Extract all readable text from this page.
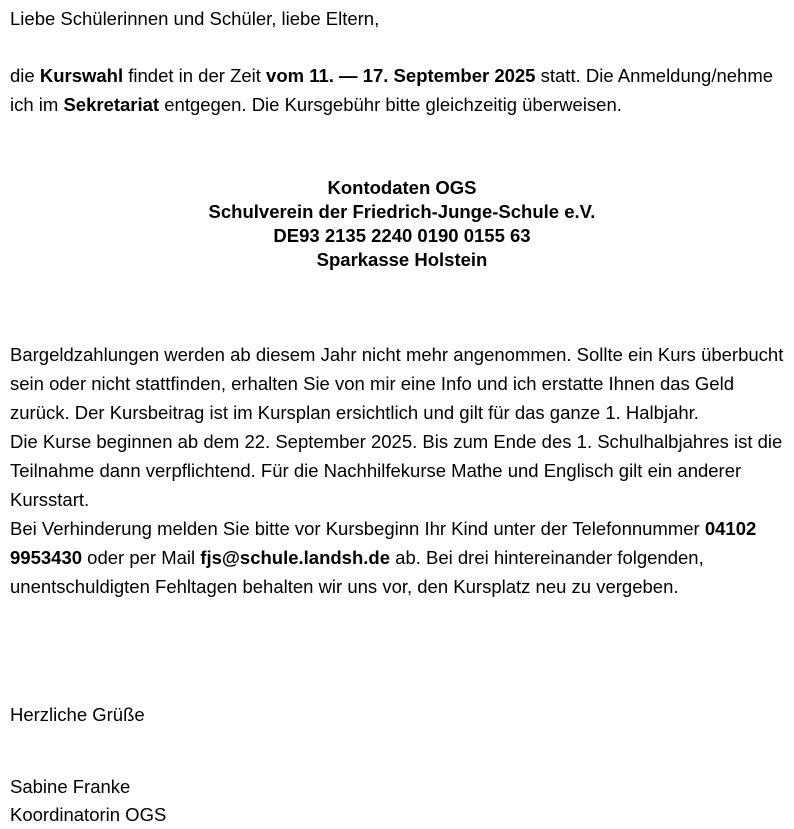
Liebe Schülerinnen und Schüler, liebe Eltern,

die Kurswahl findet in der Zeit vom 11. — 17. September 2025 statt. Die Anmeldung/nehme ich im Sekretariat entgegen. Die Kursgebühr bitte gleichzeitig überweisen.

Kontodaten OGS

Schulverein der Friedrich-Junge-Schule e.V.

DE93 2135 2240 0190 0155 63

Sparkasse Holstein

Bargeldzahlungen werden ab diesem Jahr nicht mehr angenommen. Sollte ein Kurs überbucht sein oder nicht stattfinden, erhalten Sie von mir eine Info und ich erstatte Ihnen das Geld zurück. Der Kursbeitrag ist im Kursplan ersichtlich und gilt für das ganze 1. Halbjahr.

Die Kurse beginnen ab dem 22. September 2025. Bis zum Ende des 1. Schulhalbjahres ist die Teilnahme dann verpflichtend. Für die Nachhilfekurse Mathe und Englisch gilt ein anderer Kursstart.

Bei Verhinderung melden Sie bitte vor Kursbeginn Ihr Kind unter der Telefonnummer 04102 9953430 oder per Mail fjs@schule.landsh.de ab. Bei drei hintereinander folgenden, unentschuldigten Fehltagen behalten wir uns vor, den Kursplatz neu zu vergeben.

Herzliche Grüße

Sabine Franke

Koordinatorin OGS
